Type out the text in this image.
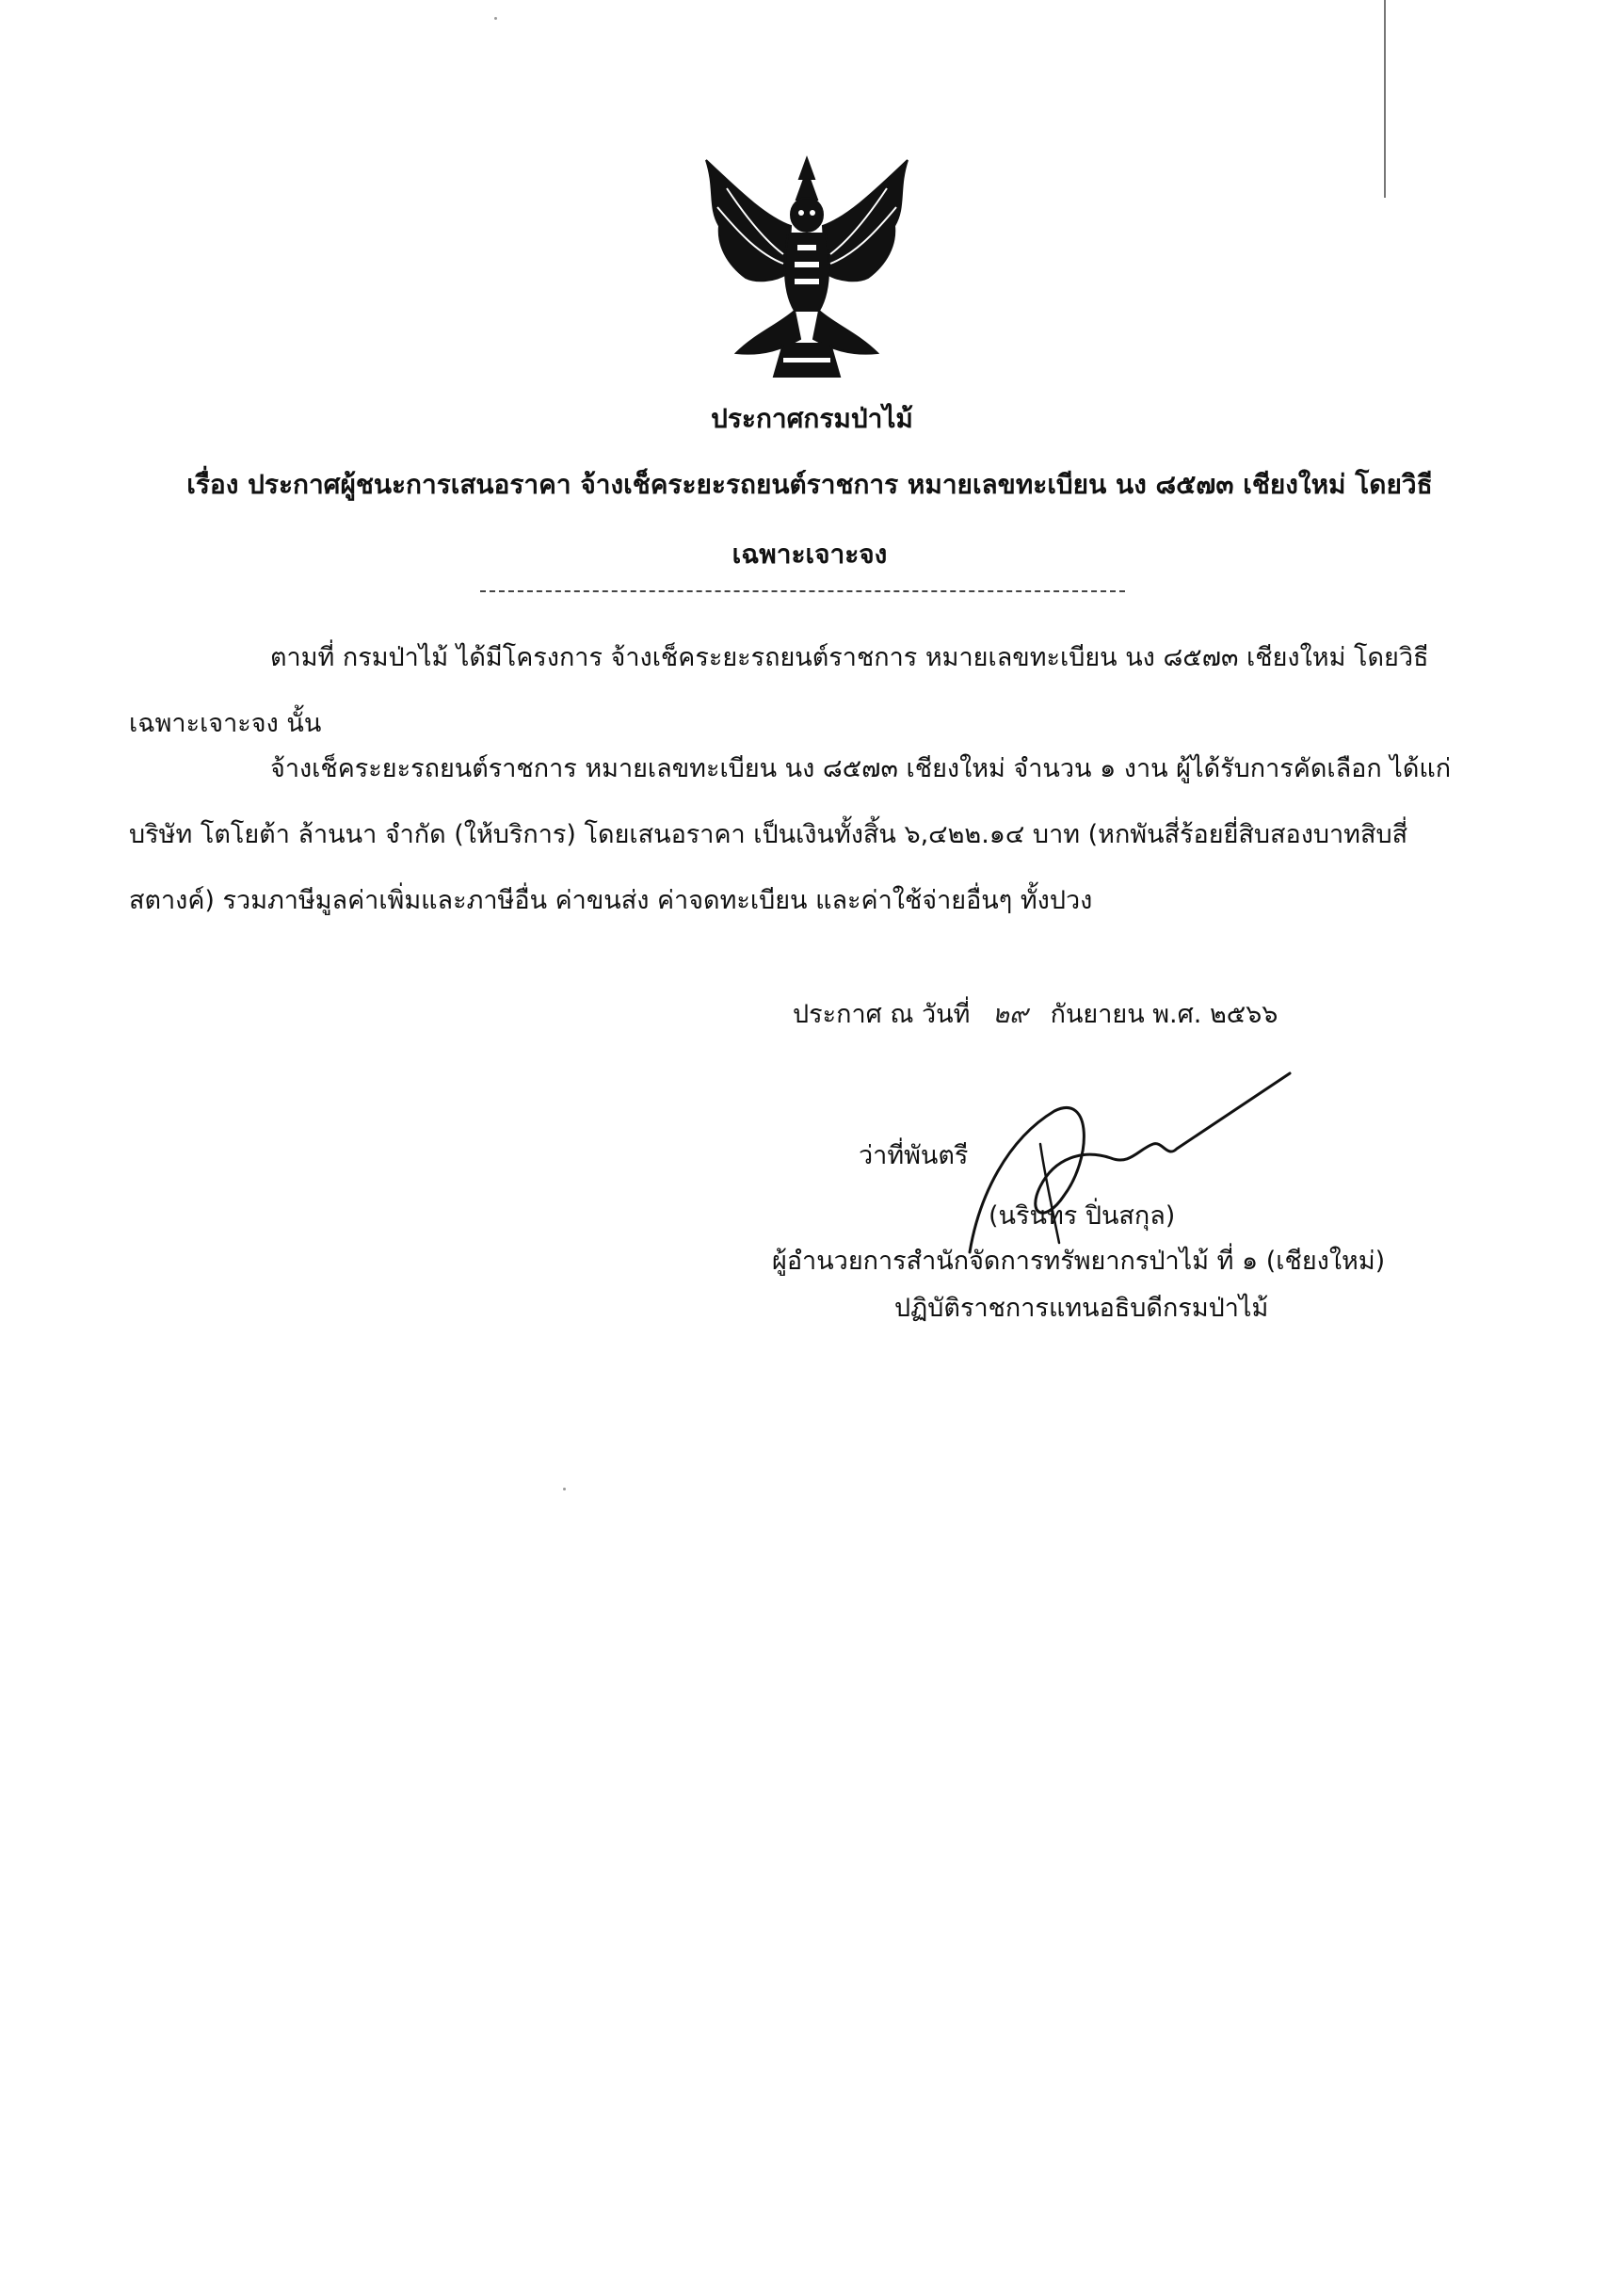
ประกาศกรมป่าไม้
เรื่อง ประกาศผู้ชนะการเสนอราคา จ้างเช็คระยะรถยนต์ราชการ หมายเลขทะเบียน นง ๘๕๗๓ เชียงใหม่ โดยวิธี
เฉพาะเจาะจง
ตามที่ กรมป่าไม้ ได้มีโครงการ จ้างเช็คระยะรถยนต์ราชการ หมายเลขทะเบียน นง ๘๕๗๓ เชียงใหม่ โดยวิธีเฉพาะเจาะจง นั้น
จ้างเช็คระยะรถยนต์ราชการ หมายเลขทะเบียน นง ๘๕๗๓ เชียงใหม่ จำนวน ๑ งาน ผู้ได้รับการคัดเลือก ได้แก่ บริษัท โตโยต้า ล้านนา จำกัด (ให้บริการ) โดยเสนอราคา เป็นเงินทั้งสิ้น ๖,๔๒๒.๑๔ บาท (หกพันสี่ร้อยยี่สิบสองบาทสิบสี่สตางค์) รวมภาษีมูลค่าเพิ่มและภาษีอื่น ค่าขนส่ง ค่าจดทะเบียน และค่าใช้จ่ายอื่นๆ ทั้งปวง
ประกาศ ณ วันที่ ๒๙ กันยายน พ.ศ. ๒๕๖๖
ว่าที่พันตรี
(นรินทร ปิ่นสกุล)
ผู้อำนวยการสำนักจัดการทรัพยากรป่าไม้ ที่ ๑ (เชียงใหม่)
ปฏิบัติราชการแทนอธิบดีกรมป่าไม้
